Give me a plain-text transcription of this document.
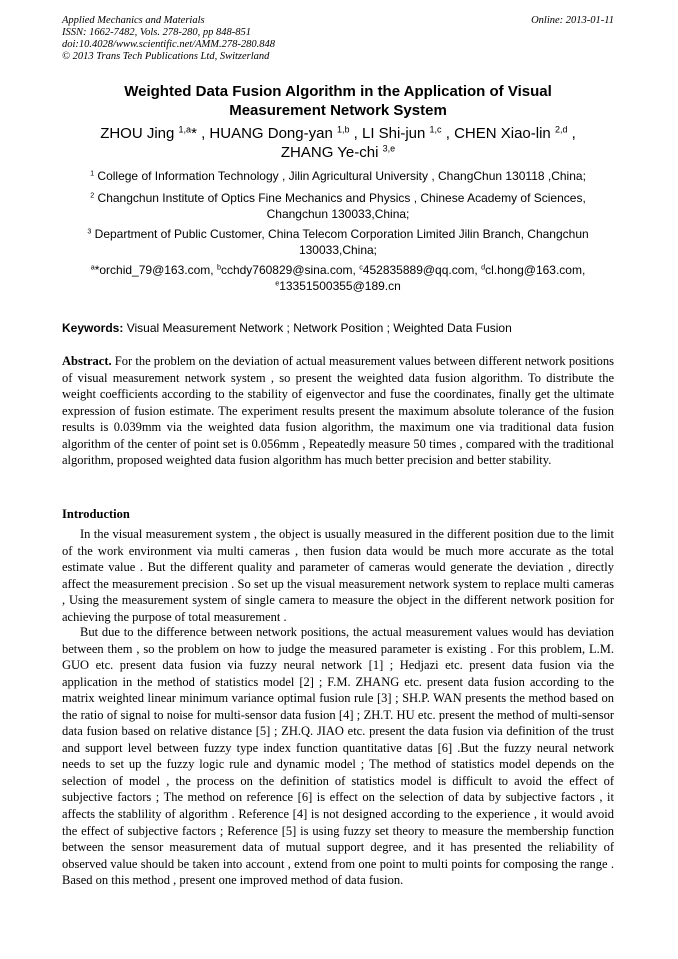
Applied Mechanics and Materials
ISSN: 1662-7482, Vols. 278-280, pp 848-851
doi:10.4028/www.scientific.net/AMM.278-280.848
© 2013 Trans Tech Publications Ltd, Switzerland
Online: 2013-01-11
Weighted Data Fusion Algorithm in the Application of Visual
Measurement Network System
ZHOU Jing $^{1,a}$* , HUANG Dong-yan $^{1,b}$ , LI Shi-jun $^{1,c}$ , CHEN Xiao-lin $^{2,d}$ ,
ZHANG Ye-chi $^{3,e}$
$^1$ College of Information Technology , Jilin Agricultural University , ChangChun 130118 ,China;
$^2$ Changchun Institute of Optics Fine Mechanics and Physics , Chinese Academy of Sciences, Changchun 130033,China;
$^3$ Department of Public Customer, China Telecom Corporation Limited Jilin Branch, Changchun 130033,China;
$^a$*orchid_79@163.com, $^b$cchdy760829@sina.com, $^c$452835889@qq.com, $^d$cl.hong@163.com,
$^e$13351500355@189.cn
Keywords: Visual Measurement Network ; Network Position ; Weighted Data Fusion
Abstract. For the problem on the deviation of actual measurement values between different network positions of visual measurement network system , so present the weighted data fusion algorithm. To distribute the weight coefficients according to the stability of eigenvector and fuse the coordinates, finally get the ultimate expression of fusion estimate. The experiment results present the maximum absolute tolerance of the fusion results is 0.039mm via the weighted data fusion algorithm, the maximum one via traditional data fusion algorithm of the center of point set is 0.056mm , Repeatedly measure 50 times , compared with the traditional algorithm, proposed weighted data fusion algorithm has much better precision and better stability.
Introduction
In the visual measurement system , the object is usually measured in the different position due to the limit of the work environment via multi cameras , then fusion data would be much more accurate as the total estimate value . But the different quality and parameter of cameras would generate the deviation , directly affect the measurement precision . So set up the visual measurement network system to replace multi cameras , Using the measurement system of single camera to measure the object in the different network position for achieving the purpose of total measurement .
But due to the difference between network positions, the actual measurement values would has deviation between them , so the problem on how to judge the measured parameter is existing . For this problem, L.M. GUO etc. present data fusion via fuzzy neural network [1] ; Hedjazi etc. present data fusion via the application in the method of statistics model [2] ; F.M. ZHANG etc. present data fusion according to the matrix weighted linear minimum variance optimal fusion rule [3] ; SH.P. WAN presents the method based on the ratio of signal to noise for multi-sensor data fusion [4] ; ZH.T. HU etc. present the method of multi-sensor data fusion based on relative distance [5] ; ZH.Q. JIAO etc. present the data fusion via definition of the trust and support level between fuzzy type index function quantitative datas [6] .But the fuzzy neural network needs to set up the fuzzy logic rule and dynamic model ; The method of statistics model depends on the selection of model , the process on the definition of statistics model is difficult to avoid the effect of subjective factors ; The method on reference [6] is effect on the selection of data by subjective factors , it affects the stablility of algorithm . Reference [4] is not designed according to the experience , it would avoid the effect of subjective factors ; Reference [5] is using fuzzy set theory to measure the membership function between the sensor measurement data of mutual support degree, and it has presented the reliability of observed value should be taken into account , extend from one point to multi points for composing the range . Based on this method , present one improved method of data fusion.
